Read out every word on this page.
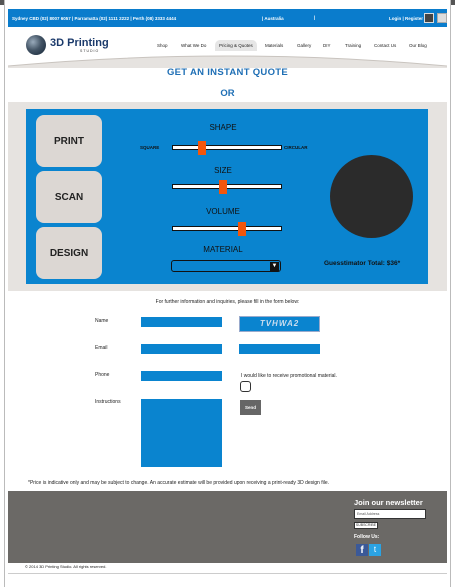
Sydney CBD (02) 8007 6057 | Parramatta (02) 1111 2222 | Perth (08) 3333 4444	| Australia	|	Login | Register
3D Printing
STUDIO
Shop	What We Do	Pricing & Quotes	Materials	Gallery	DIY	Training	Contact Us	Our Blog
GET AN INSTANT QUOTE
OR
PRINT
SCAN
DESIGN
SHAPE
SQUARE	CIRCULAR
SIZE
VOLUME
MATERIAL
▼	Guesstimator Total: $36*
For further information and inquiries, please fill in the form below:
Name	TVHWA2
Email
Phone	I would like to receive promotional material.
Instructions
Send
*Price is indicative only and may be subject to change. An accurate estimate will be provided upon receiving a print-ready 3D design file.
Join our newsletter
Email Address
SUBSCRIBE
Follow Us:
f	t
© 2014 3D Printing Studio. All rights reserved.
